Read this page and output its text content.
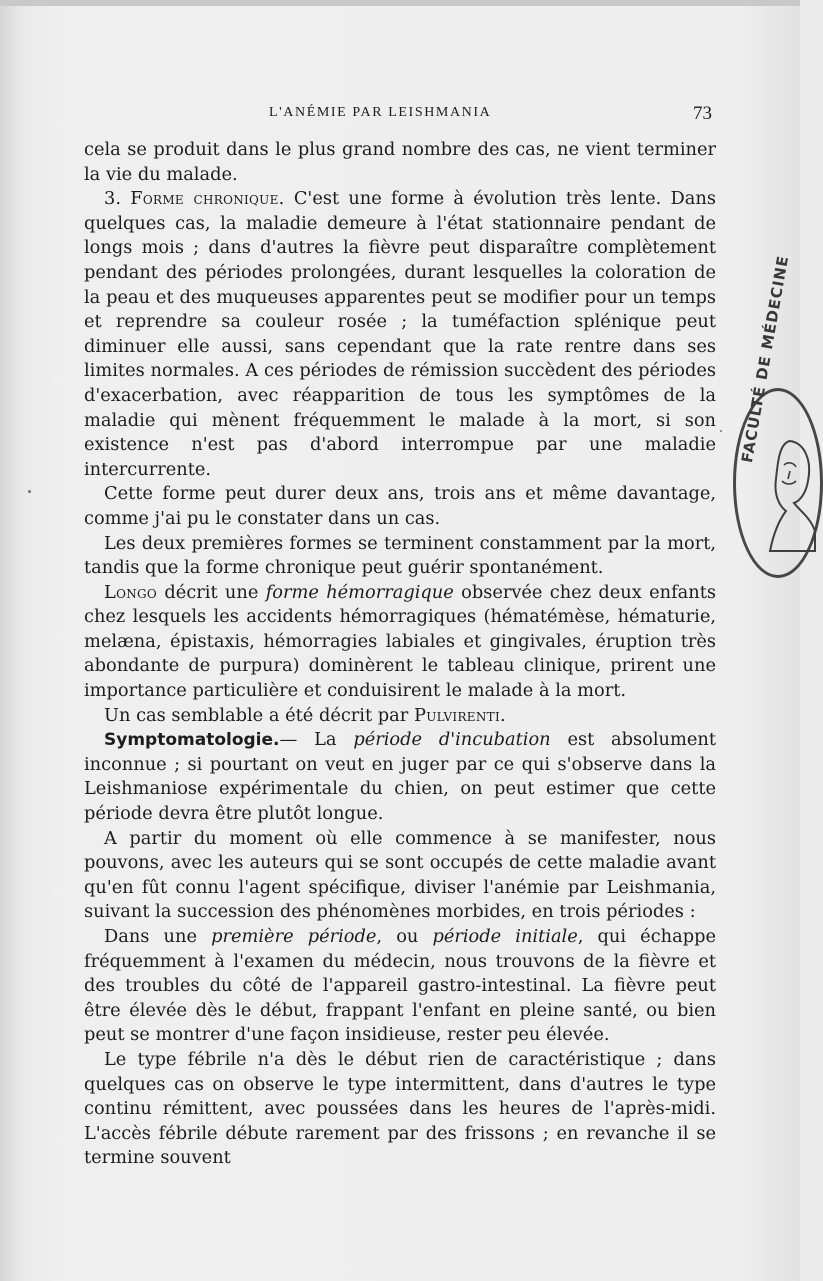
L'ANÉMIE PAR LEISHMANIA	73

cela se produit dans le plus grand nombre des cas, ne vient terminer la vie du malade.

3. Forme chronique. C'est une forme à évolution très lente. Dans quelques cas, la maladie demeure à l'état stationnaire pendant de longs mois ; dans d'autres la fièvre peut disparaître complètement pendant des périodes prolongées, durant lesquelles la coloration de la peau et des muqueuses apparentes peut se modifier pour un temps et reprendre sa couleur rosée ; la tuméfaction splénique peut diminuer elle aussi, sans cependant que la rate rentre dans ses limites normales. A ces périodes de rémission succèdent des périodes d'exacerbation, avec réapparition de tous les symptômes de la maladie qui mènent fréquemment le malade à la mort, si son existence n'est pas d'abord interrompue par une maladie intercurrente.

Cette forme peut durer deux ans, trois ans et même davantage, comme j'ai pu le constater dans un cas.

Les deux premières formes se terminent constamment par la mort, tandis que la forme chronique peut guérir spontanément.

Longo décrit une forme hémorragique observée chez deux enfants chez lesquels les accidents hémorragiques (hématémèse, hématurie, melæna, épistaxis, hémorragies labiales et gingivales, éruption très abondante de purpura) dominèrent le tableau clinique, prirent une importance particulière et conduisirent le malade à la mort.

Un cas semblable a été décrit par Pulvirenti.

Symptomatologie.— La période d'incubation est absolument inconnue ; si pourtant on veut en juger par ce qui s'observe dans la Leishmaniose expérimentale du chien, on peut estimer que cette période devra être plutôt longue.

A partir du moment où elle commence à se manifester, nous pouvons, avec les auteurs qui se sont occupés de cette maladie avant qu'en fût connu l'agent spécifique, diviser l'anémie par Leishmania, suivant la succession des phénomènes morbides, en trois périodes :

Dans une première période, ou période initiale, qui échappe fréquemment à l'examen du médecin, nous trouvons de la fièvre et des troubles du côté de l'appareil gastro-intestinal. La fièvre peut être élevée dès le début, frappant l'enfant en pleine santé, ou bien peut se montrer d'une façon insidieuse, rester peu élevée.

Le type fébrile n'a dès le début rien de caractéristique ; dans quelques cas on observe le type intermittent, dans d'autres le type continu rémittent, avec poussées dans les heures de l'après-midi. L'accès fébrile débute rarement par des frissons ; en revanche il se termine souvent

FACULTÉ DE MÉDECINE
